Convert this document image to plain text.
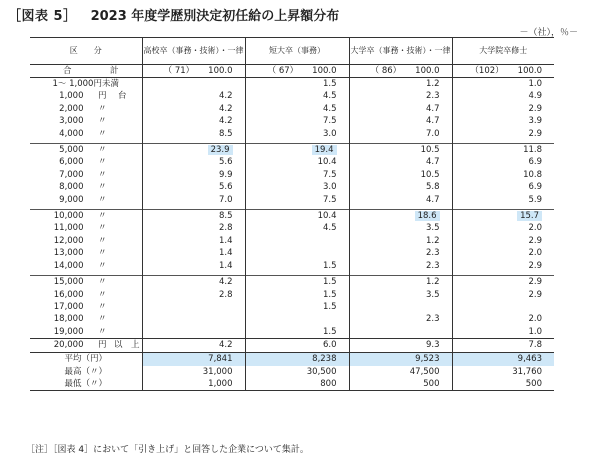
［図表 5］ 2023 年度学歴別決定初任給の上昇額分布
－（社），％－
区　　分	高校卒（事務・技術）・一律	短大卒（事務）	大学卒（事務・技術）・一律	大学院卒修士

合 計	（ 71） 100.0	（ 67） 100.0	（ 86） 100.0	（102） 100.0
1～ 1,000円未満		1.5	1.2	1.0

1,000 円 台	4.2	4.5	2.3	4.9

2,000 〃	4.2	4.5	4.7	2.9

3,000 〃	4.2	7.5	4.7	3.9

4,000 〃	8.5	3.0	7.0	2.9

5,000 〃	23.9	19.4	10.5	11.8

6,000 〃	5.6	10.4	4.7	6.9

7,000 〃	9.9	7.5	10.5	10.8

8,000 〃	5.6	3.0	5.8	6.9

9,000 〃	7.0	7.5	4.7	5.9

10,000 〃	8.5	10.4	18.6	15.7

11,000 〃	2.8	4.5	3.5	2.0

12,000 〃	1.4		1.2	2.9

13,000 〃	1.4		2.3	2.0

14,000 〃	1.4	1.5	2.3	2.9

15,000 〃	4.2	1.5	1.2	2.9

16,000 〃	2.8	1.5	3.5	2.9

17,000 〃		1.5		

18,000 〃			2.3	2.0

19,000 〃		1.5		1.0

20,000 円 以　上	4.2	6.0	9.3	7.8
平均（円）	7,841	8,238	9,523	9,463
最高（〃）	31,000	30,500	47,500	31,760
最低（〃）	1,000	800	500	500
［注］［図表 4］において「引き上げ」と回答した企業について集計。
